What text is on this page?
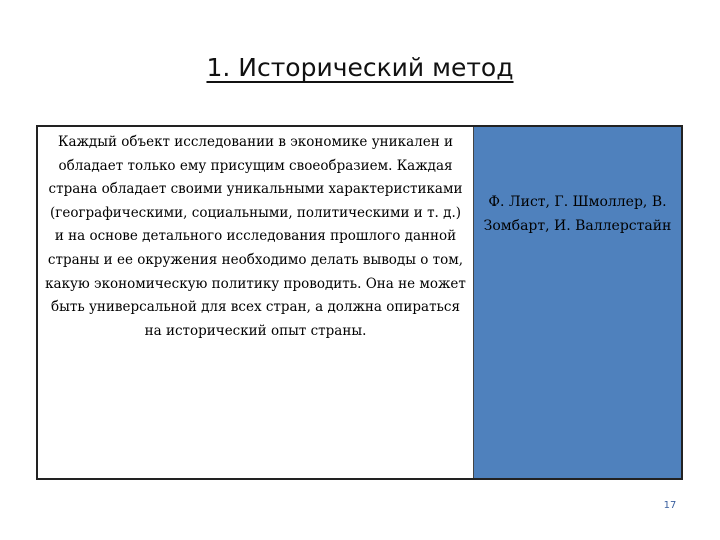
1. Исторический метод

Каждый объект исследовании в экономике уникален и обладает только ему присущим своеобразием. Каждая страна обладает своими уникальными характеристиками (географическими, социальными, политическими и т. д.) и на основе детального исследования прошлого данной страны и ее окружения необходимо делать выводы о том, какую экономическую политику проводить. Она не может быть универсальной для всех стран, а должна опираться на исторический опыт страны.

Ф. Лист, Г. Шмоллер, В. Зомбарт, И. Валлерстайн

17
